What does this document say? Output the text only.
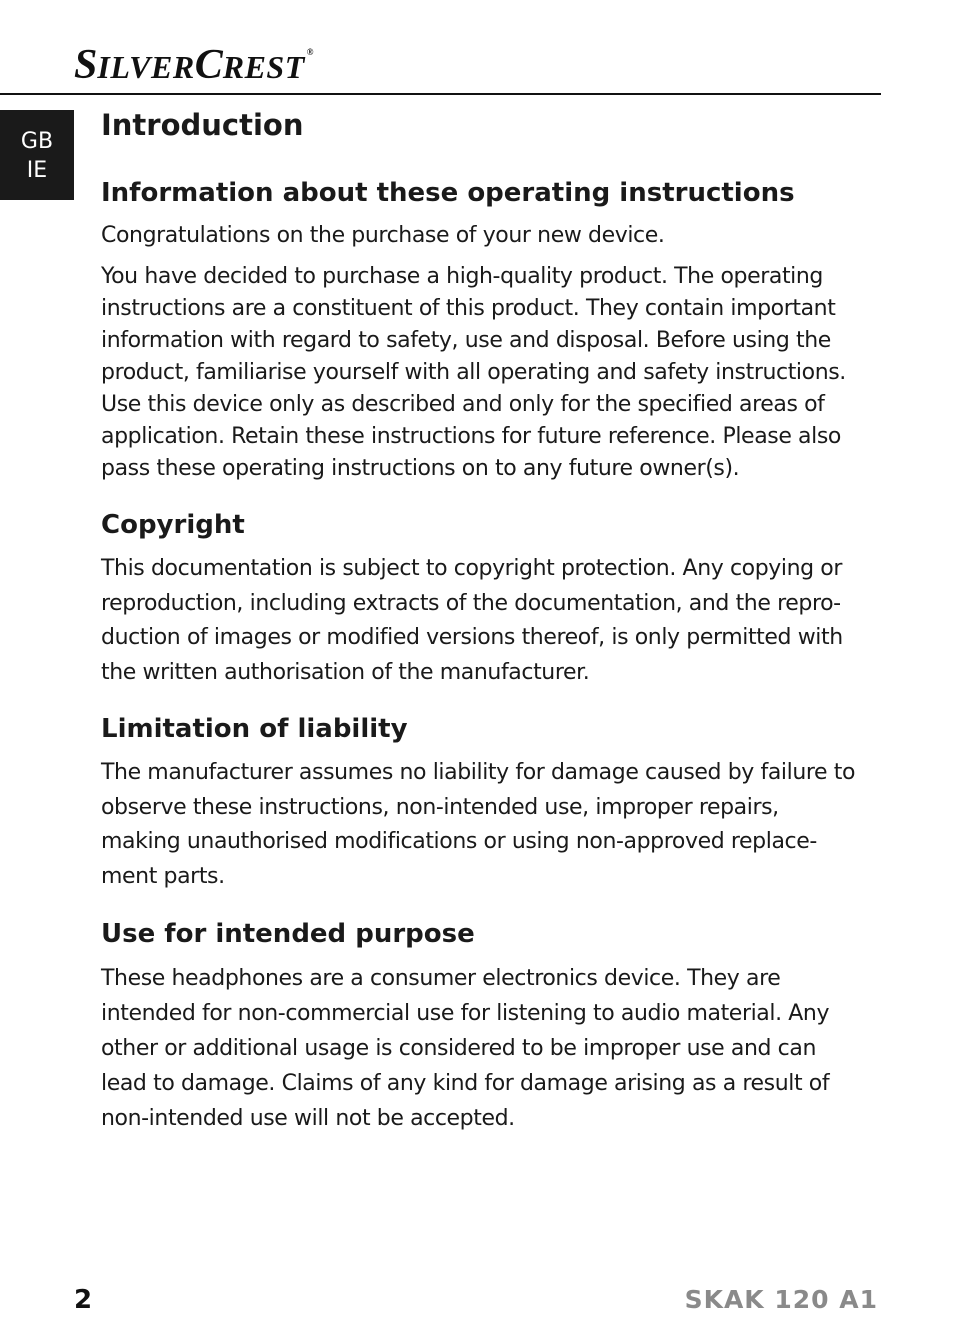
SILVERCREST ®
GB
IE
Introduction
Information about these operating instructions

Congratulations on the purchase of your new device.

You have decided to purchase a high-quality product. The operating instructions are a constituent of this product. They contain important information with regard to safety, use and disposal. Before using the product, familiarise yourself with all operating and safety instructions. Use this device only as described and only for the specified areas of application. Retain these instructions for future reference. Please also pass these operating instructions on to any future owner(s).

Copyright

This documentation is subject to copyright protection. Any copying or reproduction, including extracts of the documentation, and the reproduction of images or modified versions thereof, is only permitted with the written authorisation of the manufacturer.

Limitation of liability

The manufacturer assumes no liability for damage caused by failure to observe these instructions, non-intended use, improper repairs, making unauthorised modifications or using non-approved replacement parts.

Use for intended purpose

These headphones are a consumer electronics device. They are intended for non-commercial use for listening to audio material. Any other or additional usage is considered to be improper use and can lead to damage. Claims of any kind for damage arising as a result of non-intended use will not be accepted.

2	SKAK 120 A1
